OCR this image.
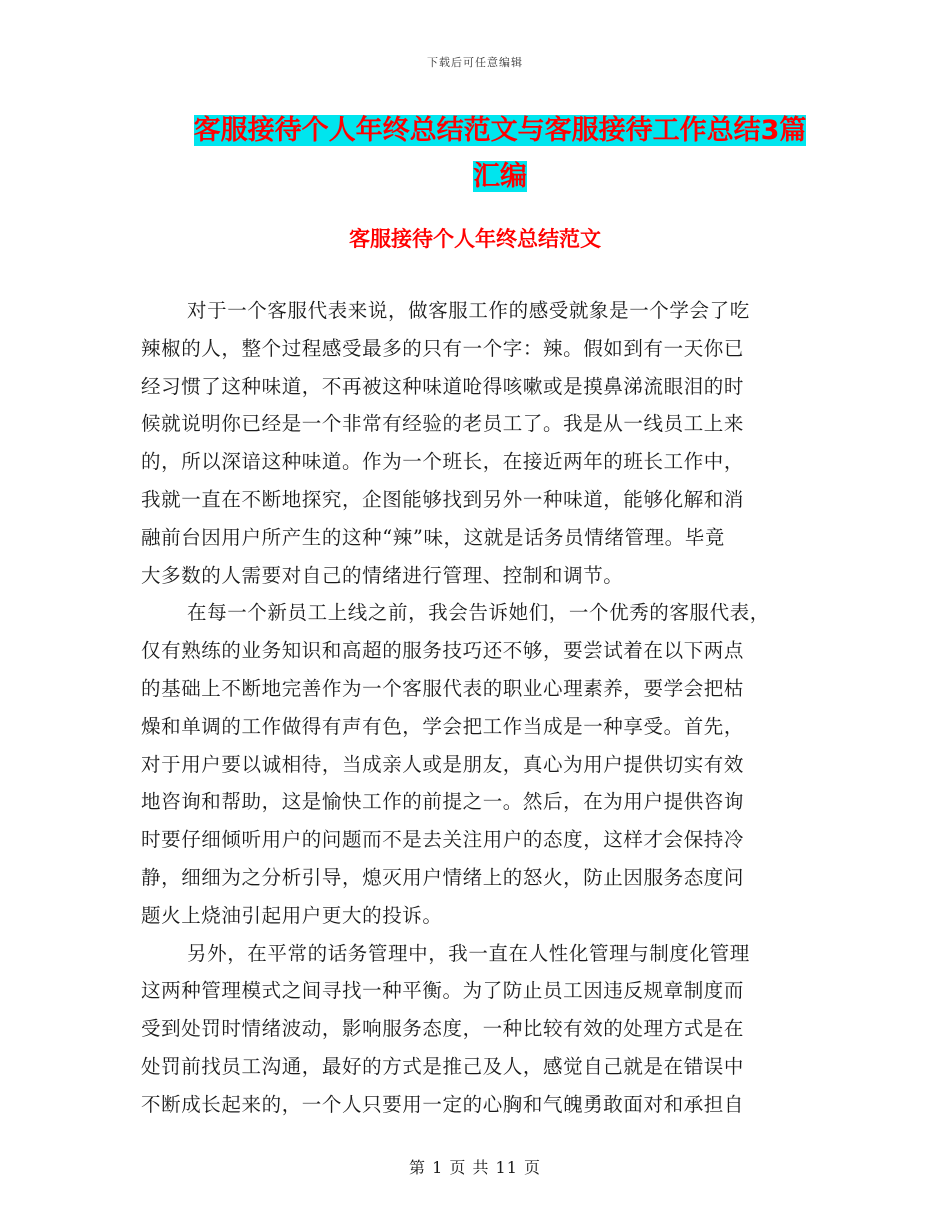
下载后可任意编辑
客服接待个人年终总结范文与客服接待工作总结3篇
汇编
客服接待个人年终总结范文
对于一个客服代表来说，做客服工作的感受就象是一个学会了吃
辣椒的人，整个过程感受最多的只有一个字：辣。假如到有一天你已
经习惯了这种味道，不再被这种味道呛得咳嗽或是摸鼻涕流眼泪的时
候就说明你已经是一个非常有经验的老员工了。我是从一线员工上来
的，所以深谙这种味道。作为一个班长，在接近两年的班长工作中，
我就一直在不断地探究，企图能够找到另外一种味道，能够化解和消
融前台因用户所产生的这种“辣”味，这就是话务员情绪管理。毕竟
大多数的人需要对自己的情绪进行管理、控制和调节。
在每一个新员工上线之前，我会告诉她们，一个优秀的客服代表，
仅有熟练的业务知识和高超的服务技巧还不够，要尝试着在以下两点
的基础上不断地完善作为一个客服代表的职业心理素养，要学会把枯
燥和单调的工作做得有声有色，学会把工作当成是一种享受。首先，
对于用户要以诚相待，当成亲人或是朋友，真心为用户提供切实有效
地咨询和帮助，这是愉快工作的前提之一。然后，在为用户提供咨询
时要仔细倾听用户的问题而不是去关注用户的态度，这样才会保持冷
静，细细为之分析引导，熄灭用户情绪上的怒火，防止因服务态度问
题火上烧油引起用户更大的投诉。
另外，在平常的话务管理中，我一直在人性化管理与制度化管理
这两种管理模式之间寻找一种平衡。为了防止员工因违反规章制度而
受到处罚时情绪波动，影响服务态度，一种比较有效的处理方式是在
处罚前找员工沟通，最好的方式是推己及人，感觉自己就是在错误中
不断成长起来的，一个人只要用一定的心胸和气魄勇敢面对和承担自
第 1 页 共 11 页
